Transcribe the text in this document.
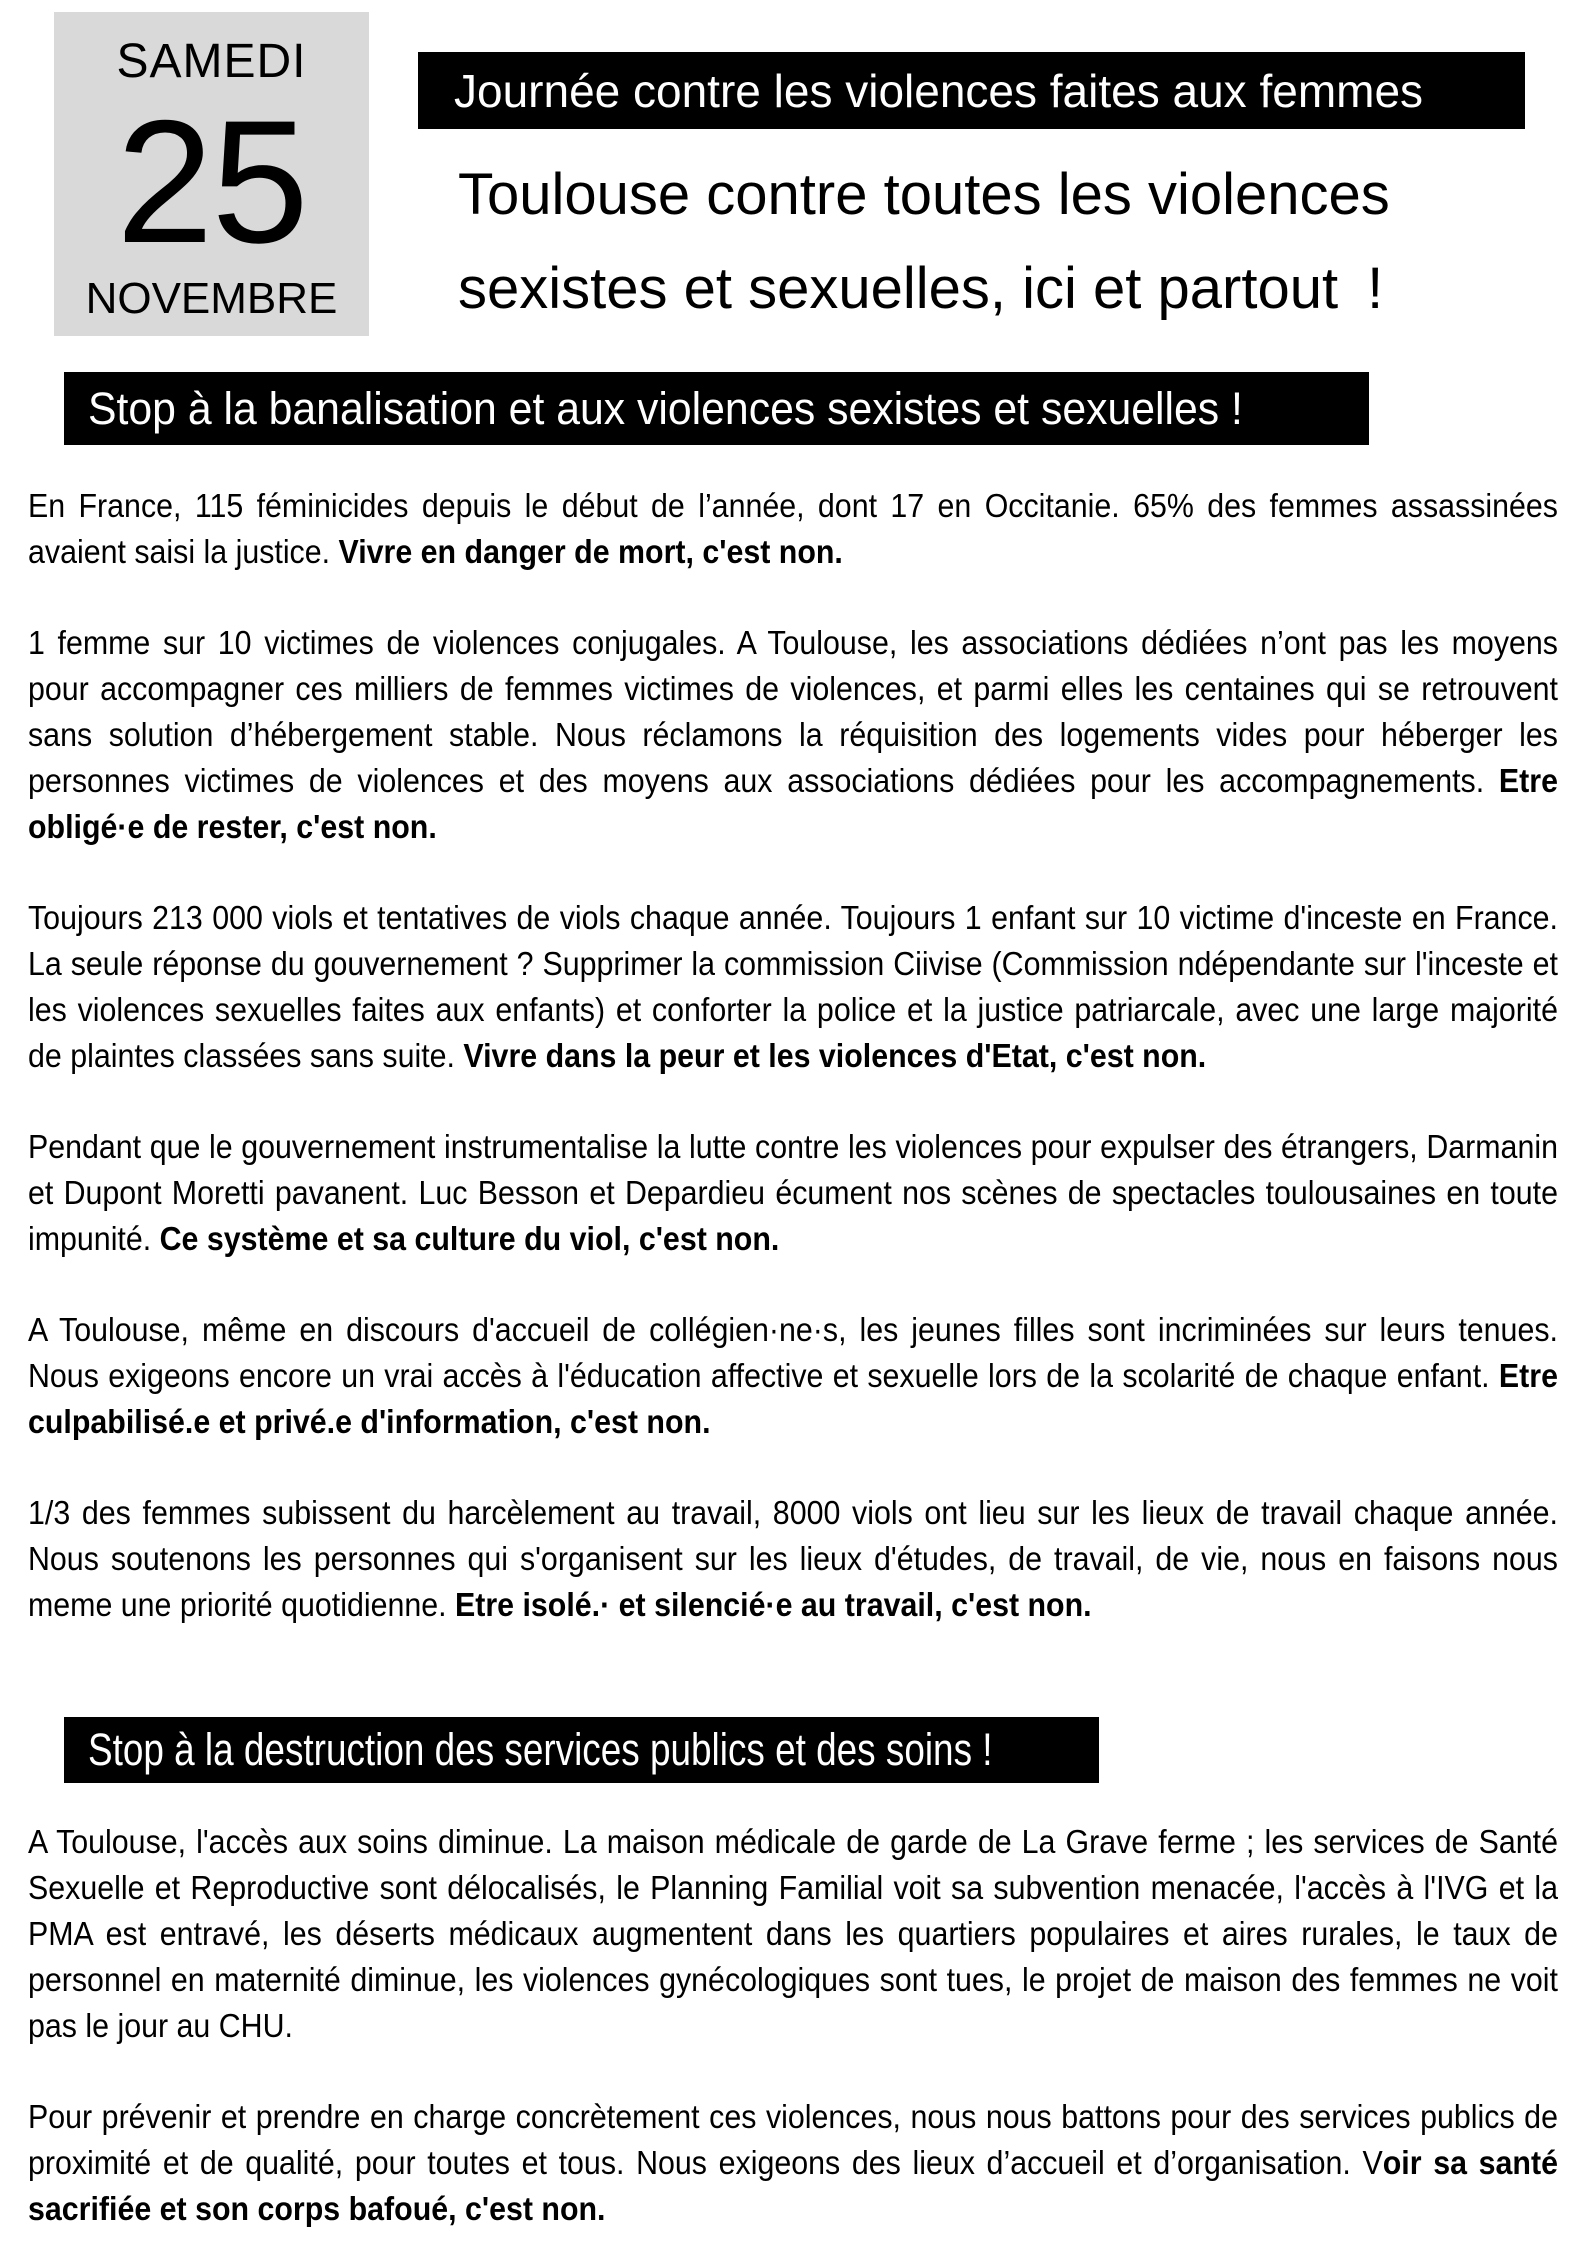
SAMEDI
25
NOVEMBRE
Journée contre les violences faites aux femmes
Toulouse contre toutes les violences
sexistes et sexuelles, ici et partout !
Stop à la banalisation et aux violences sexistes et sexuelles !

En France, 115 féminicides depuis le début de l’année, dont 17 en Occitanie. 65% des femmes assassinées avaient saisi la justice. Vivre en danger de mort, c'est non.

1 femme sur 10 victimes de violences conjugales. A Toulouse, les associations dédiées n’ont pas les moyens pour accompagner ces milliers de femmes victimes de violences, et parmi elles les centaines qui se retrouvent sans solution d’hébergement stable. Nous réclamons la réquisition des logements vides pour héberger les personnes victimes de violences et des moyens aux associations dédiées pour les accompagnements. Etre obligé·e de rester, c'est non.

Toujours 213 000 viols et tentatives de viols chaque année. Toujours 1 enfant sur 10 victime d'inceste en France. La seule réponse du gouvernement ? Supprimer la commission Ciivise (Commission ndépendante sur l'inceste et les violences sexuelles faites aux enfants) et conforter la police et la justice patriarcale, avec une large majorité de plaintes classées sans suite. Vivre dans la peur et les violences d'Etat, c'est non.

Pendant que le gouvernement instrumentalise la lutte contre les violences pour expulser des étrangers, Darmanin et Dupont Moretti pavanent. Luc Besson et Depardieu écument nos scènes de spectacles toulousaines en toute impunité. Ce système et sa culture du viol, c'est non.

A Toulouse, même en discours d'accueil de collégien·ne·s, les jeunes filles sont incriminées sur leurs tenues. Nous exigeons encore un vrai accès à l'éducation affective et sexuelle lors de la scolarité de chaque enfant. Etre culpabilisé.e et privé.e d'information, c'est non.

1/3 des femmes subissent du harcèlement au travail, 8000 viols ont lieu sur les lieux de travail chaque année. Nous soutenons les personnes qui s'organisent sur les lieux d'études, de travail, de vie, nous en faisons nous meme une priorité quotidienne. Etre isolé.· et silencié·e au travail, c'est non.

Stop à la destruction des services publics et des soins !

A Toulouse, l'accès aux soins diminue. La maison médicale de garde de La Grave ferme ; les services de Santé Sexuelle et Reproductive sont délocalisés, le Planning Familial voit sa subvention menacée, l'accès à l'IVG et la PMA est entravé, les déserts médicaux augmentent dans les quartiers populaires et aires rurales, le taux de personnel en maternité diminue, les violences gynécologiques sont tues, le projet de maison des femmes ne voit pas le jour au CHU.

Pour prévenir et prendre en charge concrètement ces violences, nous nous battons pour des services publics de proximité et de qualité, pour toutes et tous. Nous exigeons des lieux d’accueil et d’organisation. Voir sa santé sacrifiée et son corps bafoué, c'est non.
